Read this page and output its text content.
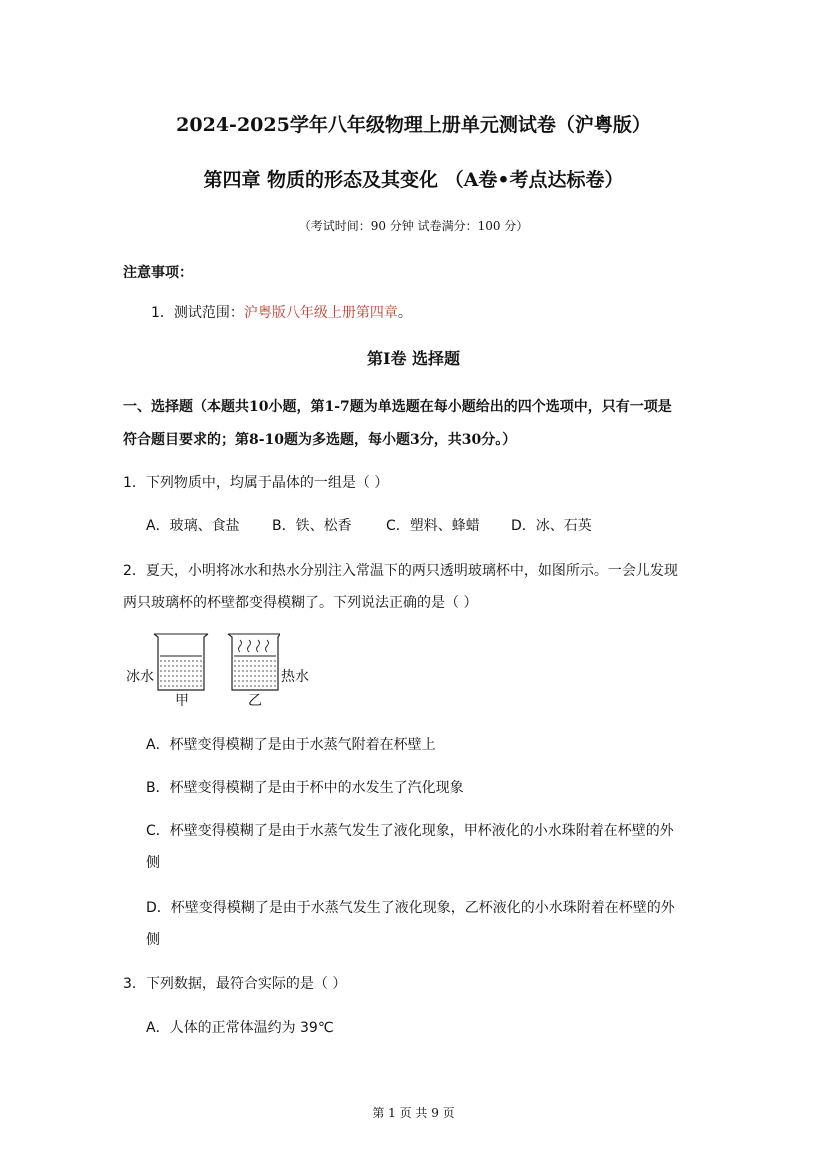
2024-2025学年八年级物理上册单元测试卷（沪粤版）
第四章 物质的形态及其变化 （A卷•考点达标卷）
（考试时间：90 分钟 试卷满分：100 分）
注意事项：
1．测试范围：沪粤版八年级上册第四章。
第Ⅰ卷 选择题
一、选择题（本题共10小题，第1-7题为单选题在每小题给出的四个选项中，只有一项是
符合题目要求的；第8-10题为多选题，每小题3分，共30分。）
1．下列物质中，均属于晶体的一组是（ ）
A．玻璃、食盐 B．铁、松香 C．塑料、蜂蜡 D．冰、石英
2．夏天，小明将冰水和热水分别注入常温下的两只透明玻璃杯中，如图所示。一会儿发现
两只玻璃杯的杯壁都变得模糊了。下列说法正确的是（ ）
冰水
甲
热水
乙
A．杯壁变得模糊了是由于水蒸气附着在杯壁上
B．杯壁变得模糊了是由于杯中的水发生了汽化现象
C．杯壁变得模糊了是由于水蒸气发生了液化现象，甲杯液化的小水珠附着在杯壁的外
侧
D．杯壁变得模糊了是由于水蒸气发生了液化现象，乙杯液化的小水珠附着在杯壁的外
侧
3．下列数据，最符合实际的是（ ）
A．人体的正常体温约为 39℃
第 1 页 共 9 页
